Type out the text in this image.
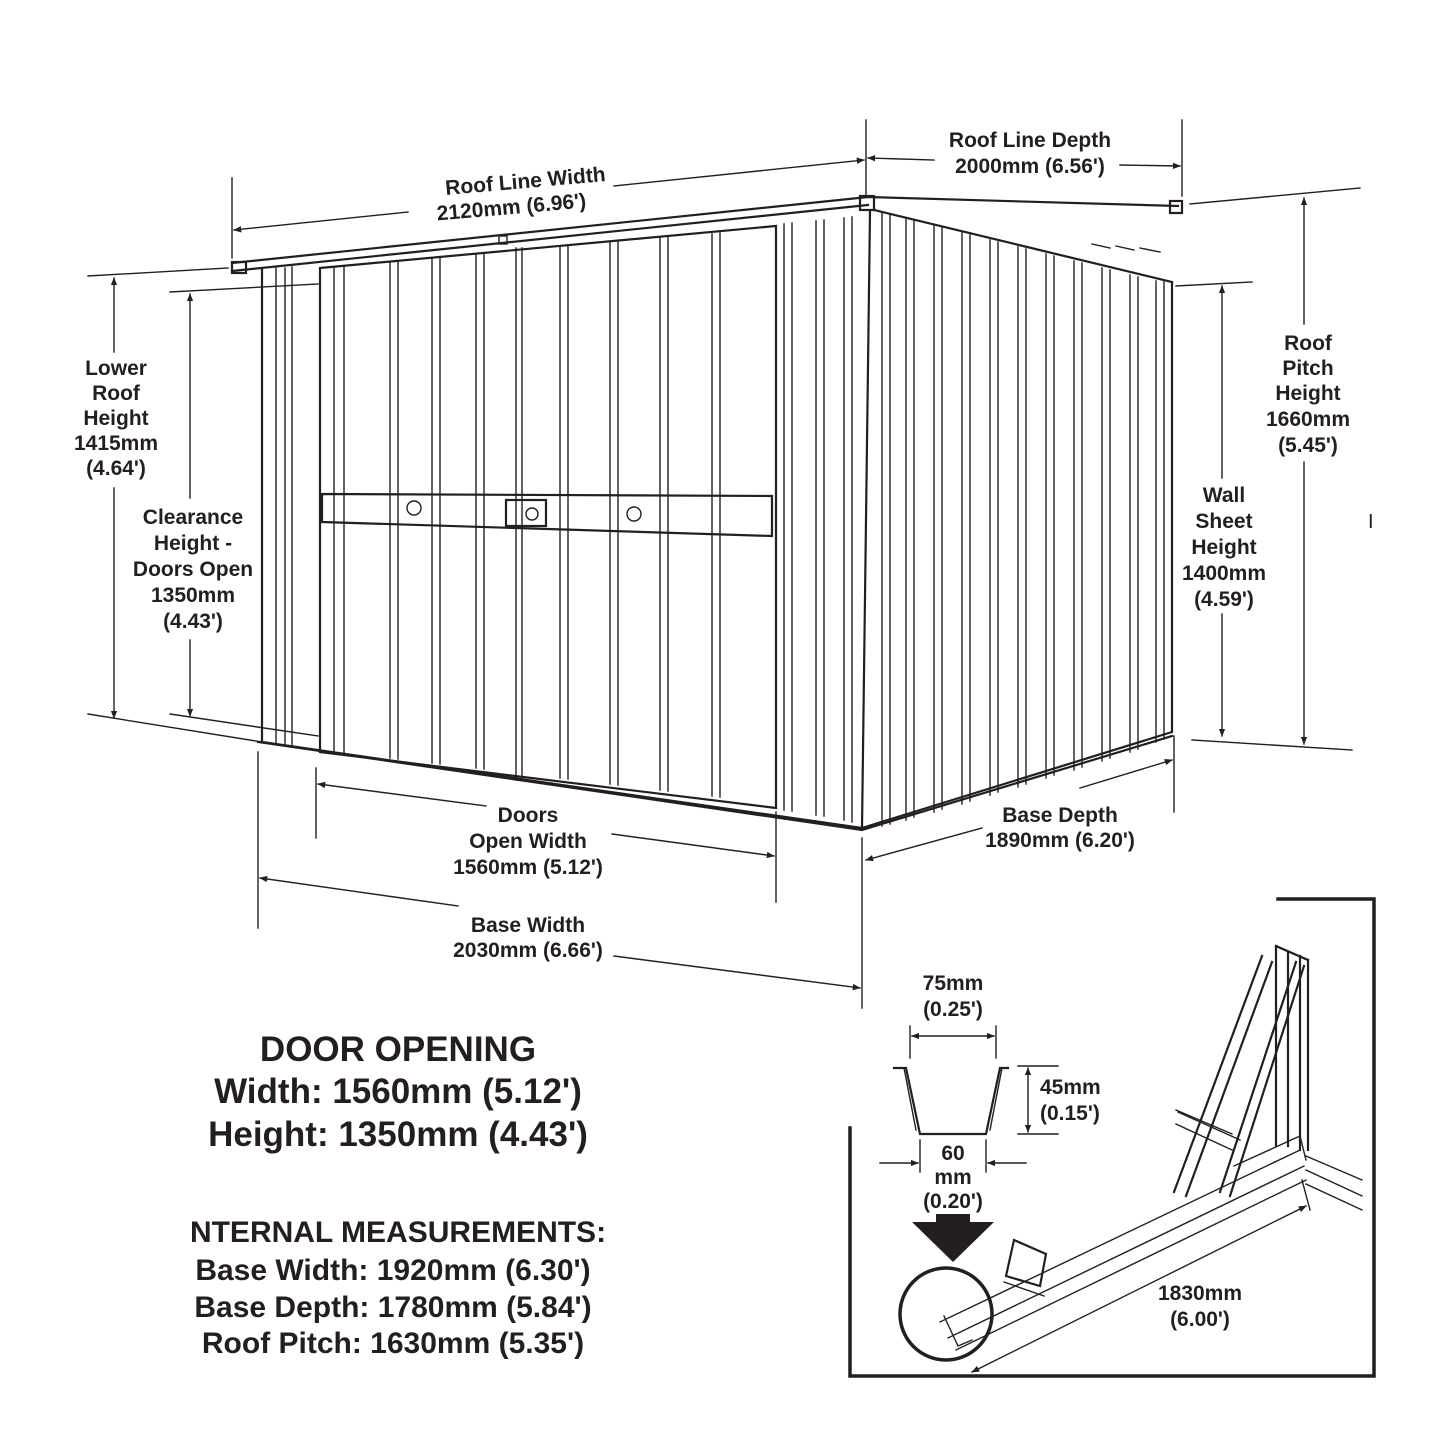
Roof Line Width
2120mm (6.96')
Roof Line Depth
2000mm (6.56')
Lower
Roof
Height
1415mm
(4.64')
Clearance
Height -
Doors Open
1350mm
(4.43')
Roof
Pitch
Height
1660mm
(5.45')
Wall
Sheet
Height
1400mm
(4.59')
I
Base Depth
1890mm (6.20')
Doors
Open Width
1560mm (5.12')
Base Width
2030mm (6.66')
DOOR OPENING
Width: 1560mm (5.12')
Height: 1350mm (4.43')
NTERNAL MEASUREMENTS:
Base Width: 1920mm (6.30')
Base Depth: 1780mm (5.84')
Roof Pitch: 1630mm (5.35')
75mm
(0.25')
45mm
(0.15')
60
mm
(0.20')
1830mm
(6.00')
